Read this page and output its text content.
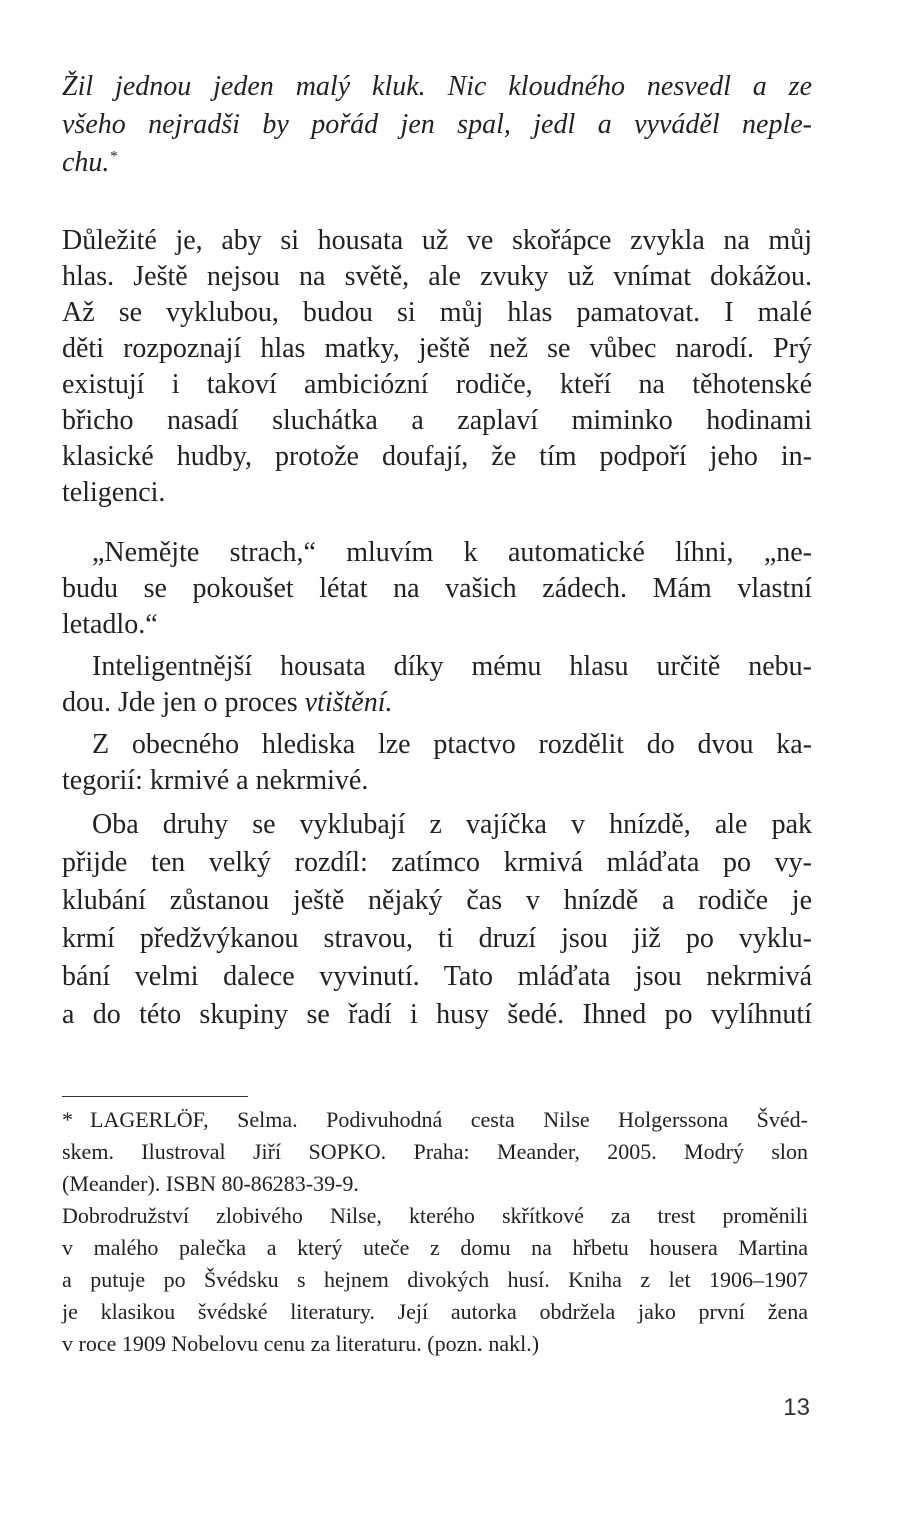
Žil jednou jeden malý kluk. Nic kloudného nesvedl a ze
všeho nejradši by pořád jen spal, jedl a vyváděl neple-
chu.*
Důležité je, aby si housata už ve skořápce zvykla na můj
hlas. Ještě nejsou na světě, ale zvuky už vnímat dokážou.
Až se vyklubou, budou si můj hlas pamatovat. I malé
děti rozpoznají hlas matky, ještě než se vůbec narodí. Prý
existují i takoví ambiciózní rodiče, kteří na těhotenské
břicho nasadí sluchátka a zaplaví miminko hodinami
klasické hudby, protože doufají, že tím podpoří jeho in-
teligenci.
„Nemějte strach,“ mluvím k automatické líhni, „ne-
budu se pokoušet létat na vašich zádech. Mám vlastní
letadlo.“
Inteligentnější housata díky mému hlasu určitě nebu-
dou. Jde jen o proces vtištění.
Z obecného hlediska lze ptactvo rozdělit do dvou ka-
tegorií: krmivé a nekrmivé.
Oba druhy se vyklubají z vajíčka v hnízdě, ale pak
přijde ten velký rozdíl: zatímco krmivá mláďata po vy-
klubání zůstanou ještě nějaký čas v hnízdě a rodiče je
krmí předžvýkanou stravou, ti druzí jsou již po vyklu-
bání velmi dalece vyvinutí. Tato mláďata jsou nekrmivá
a do této skupiny se řadí i husy šedé. Ihned po vylíhnutí
* LAGERLÖF, Selma. Podivuhodná cesta Nilse Holgerssona Švéd-
skem. Ilustroval Jiří SOPKO. Praha: Meander, 2005. Modrý slon
(Meander). ISBN 80-86283-39-9.
Dobrodružství zlobivého Nilse, kterého skřítkové za trest proměnili
v malého palečka a který uteče z domu na hřbetu housera Martina
a putuje po Švédsku s hejnem divokých husí. Kniha z let 1906–1907
je klasikou švédské literatury. Její autorka obdržela jako první žena
v roce 1909 Nobelovu cenu za literaturu. (pozn. nakl.)
13
